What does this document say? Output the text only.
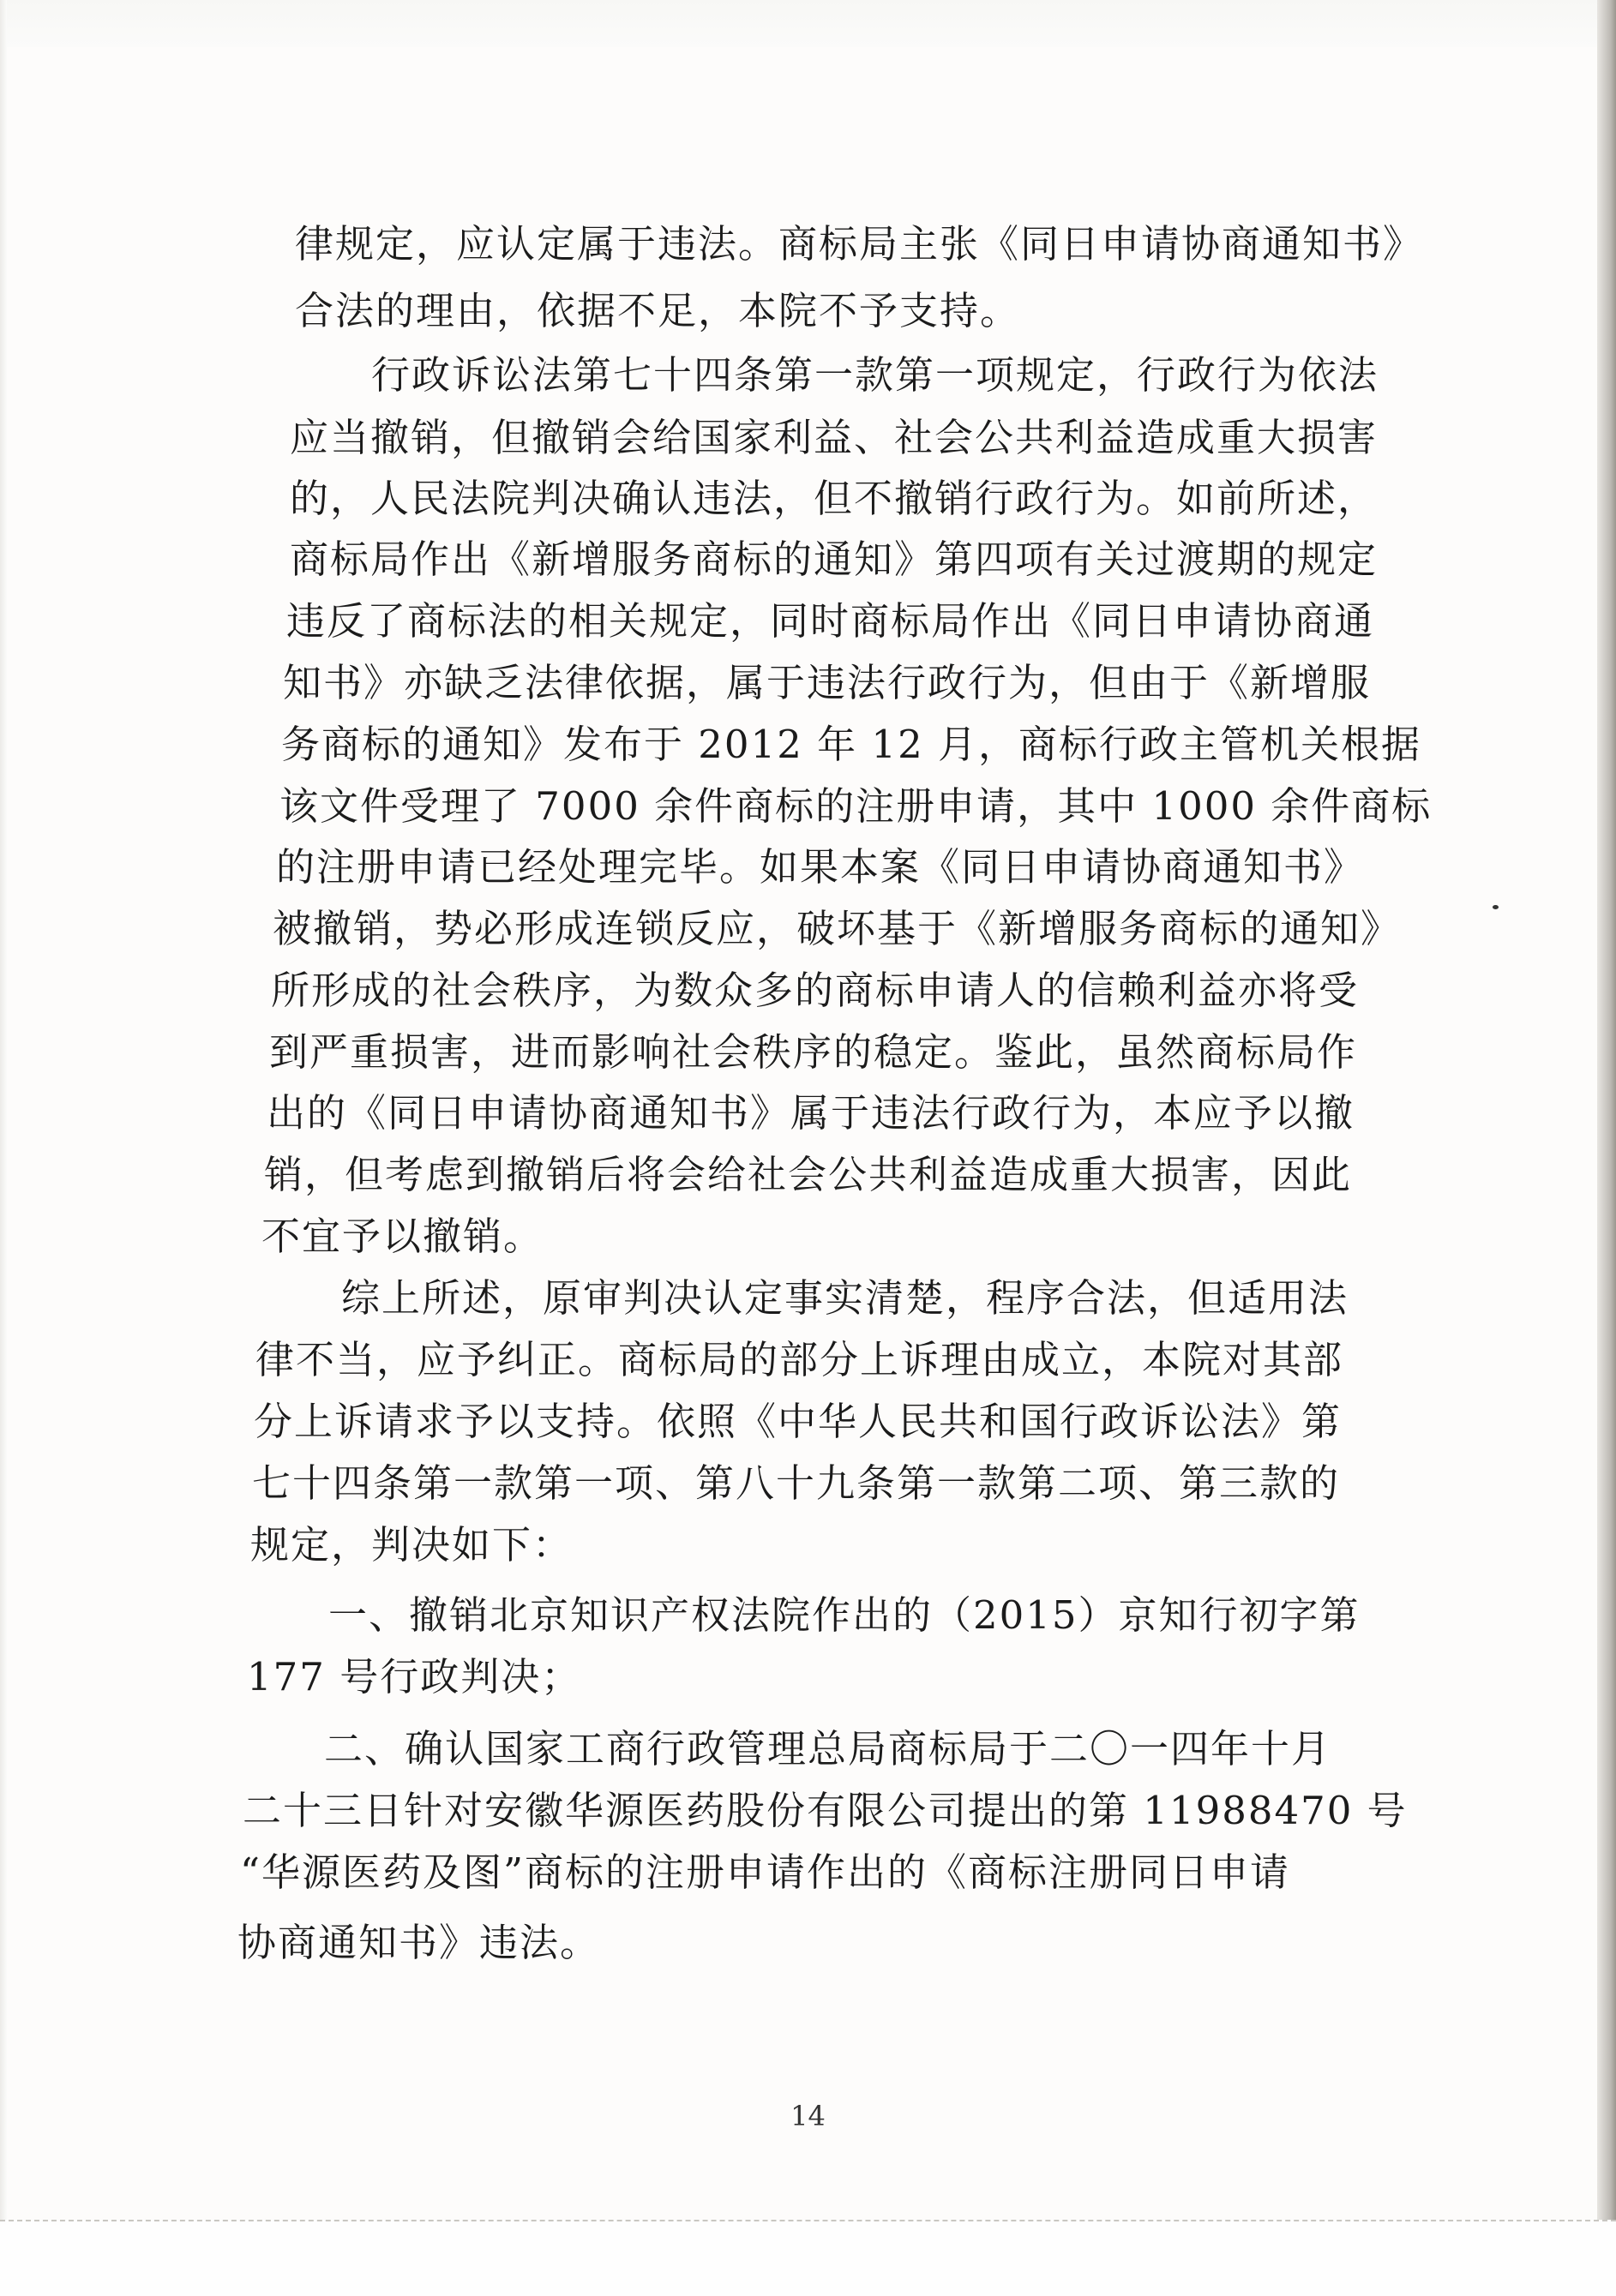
律规定，应认定属于违法。商标局主张《同日申请协商通知书》
合法的理由，依据不足，本院不予支持。
行政诉讼法第七十四条第一款第一项规定，行政行为依法
应当撤销，但撤销会给国家利益、社会公共利益造成重大损害
的，人民法院判决确认违法，但不撤销行政行为。如前所述，
商标局作出《新增服务商标的通知》第四项有关过渡期的规定
违反了商标法的相关规定，同时商标局作出《同日申请协商通
知书》亦缺乏法律依据，属于违法行政行为，但由于《新增服
务商标的通知》发布于 2012 年 12 月，商标行政主管机关根据
该文件受理了 7000 余件商标的注册申请，其中 1000 余件商标
的注册申请已经处理完毕。如果本案《同日申请协商通知书》
被撤销，势必形成连锁反应，破坏基于《新增服务商标的通知》
所形成的社会秩序，为数众多的商标申请人的信赖利益亦将受
到严重损害，进而影响社会秩序的稳定。鉴此，虽然商标局作
出的《同日申请协商通知书》属于违法行政行为，本应予以撤
销，但考虑到撤销后将会给社会公共利益造成重大损害，因此
不宜予以撤销。
综上所述，原审判决认定事实清楚，程序合法，但适用法
律不当，应予纠正。商标局的部分上诉理由成立，本院对其部
分上诉请求予以支持。依照《中华人民共和国行政诉讼法》第
七十四条第一款第一项、第八十九条第一款第二项、第三款的
规定，判决如下：
一、撤销北京知识产权法院作出的（2015）京知行初字第
177 号行政判决；
二、确认国家工商行政管理总局商标局于二〇一四年十月
二十三日针对安徽华源医药股份有限公司提出的第 11988470 号
“华源医药及图”商标的注册申请作出的《商标注册同日申请
协商通知书》违法。
14
